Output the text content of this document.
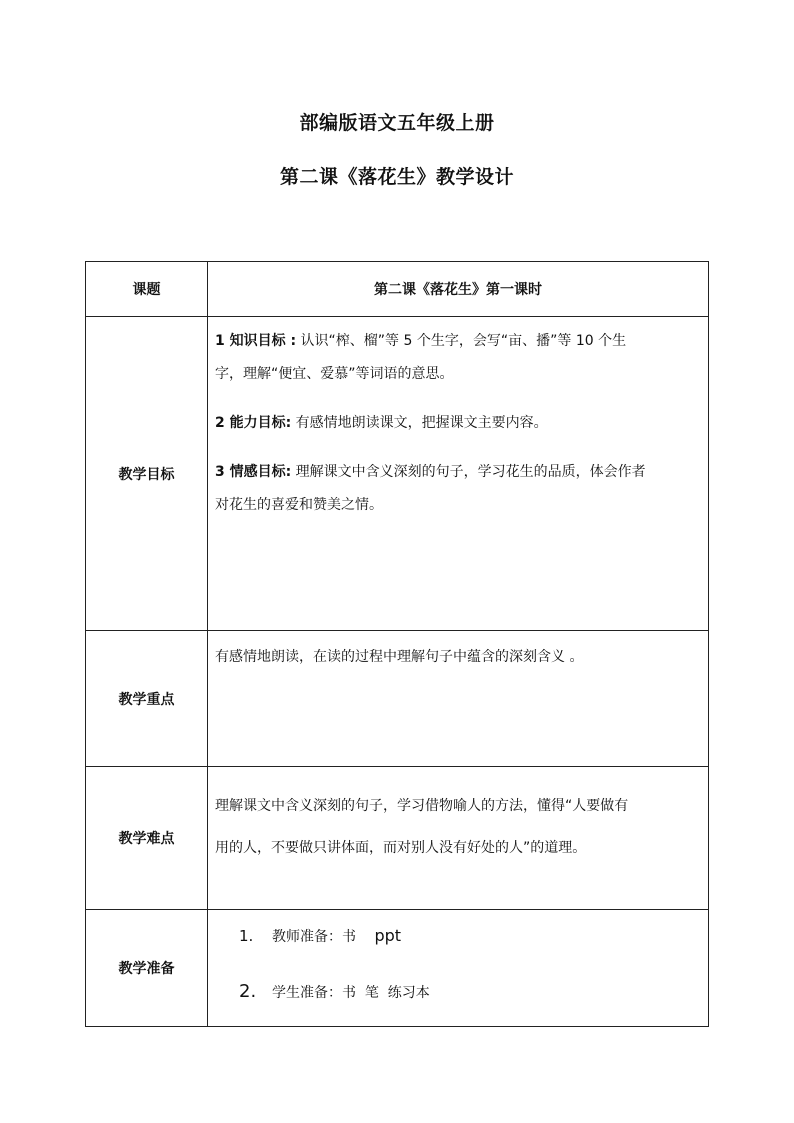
部编版语文五年级上册
第二课《落花生》教学设计
课题	第二课《落花生》第一课时
教学目标	1 知识目标 : 认识“榨、榴”等 5 个生字，会写“亩、播”等 10 个生

字，理解“便宜、爱慕”等词语的意思。

2 能力目标: 有感情地朗读课文，把握课文主要内容。

3 情感目标: 理解课文中含义深刻的句子，学习花生的品质，体会作者

对花生的喜爱和赞美之情。

教学重点	有感情地朗读，在读的过程中理解句子中蕴含的深刻含义 。

教学难点	理解课文中含义深刻的句子，学习借物喻人的方法，懂得“人要做有

用的人，不要做只讲体面，而对别人没有好处的人”的道理。

教学准备	1. 教师准备：书 ppt
2. 学生准备：书  笔  练习本
